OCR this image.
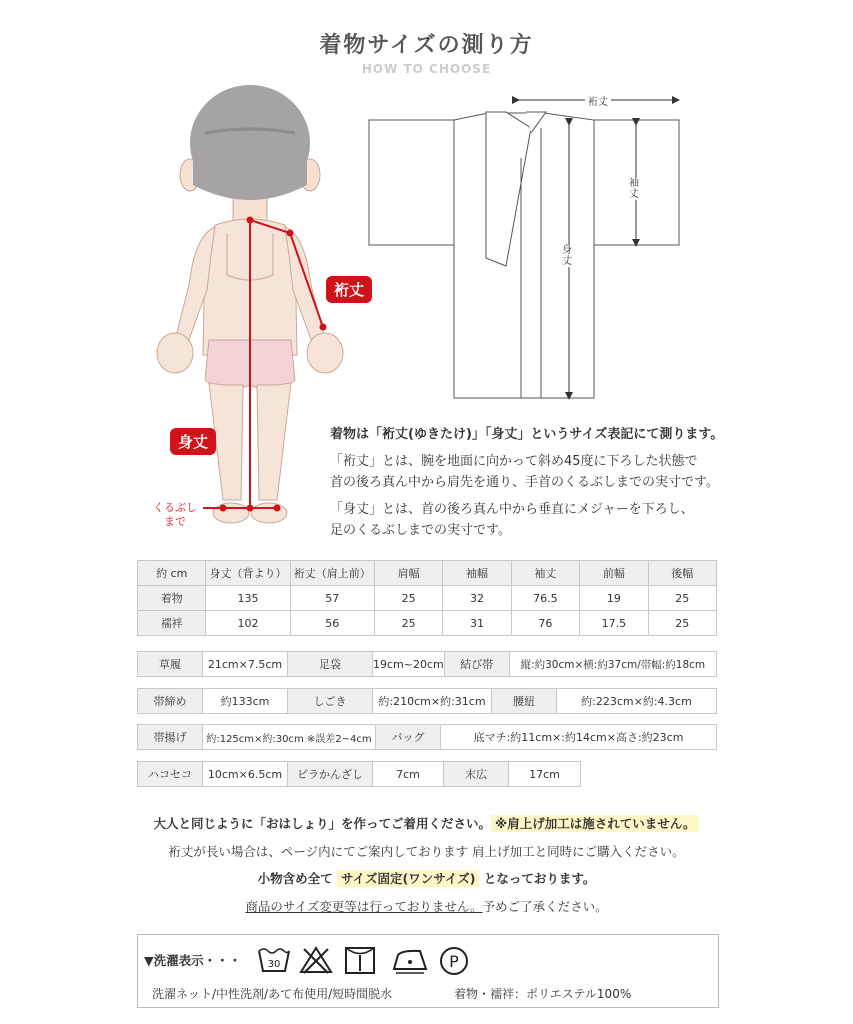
着物サイズの測り方
HOW TO CHOOSE
裄丈
身丈
くるぶし
まで
裄丈
袖
丈
身
丈
着物は「裄丈(ゆきたけ)」「身丈」というサイズ表記にて測ります。
「裄丈」とは、腕を地面に向かって斜め45度に下ろした状態で
首の後ろ真ん中から肩先を通り、手首のくるぶしまでの実寸です。
「身丈」とは、首の後ろ真ん中から垂直にメジャーを下ろし、
足のくるぶしまでの実寸です。
約 cm	身丈（背より）	裄丈（肩上前）	肩幅	袖幅	袖丈	前幅	後幅
着物	135	57	25	32	76.5	19	25
襦袢	102	56	25	31	76	17.5	25
草履	21cm×7.5cm	足袋	19cm~20cm	結び帯	縦:約30cm×横:約37cm/帯幅:約18cm
帯締め	約133cm	しごき	約:210cm×約:31cm	腰紐	約:223cm×約:4.3cm
帯揚げ	約:125cm×約:30cm ※誤差2~4cm	バッグ	底マチ:約11cm×:約14cm×高さ:約23cm
ハコセコ	10cm×6.5cm	ピラかんざし	7cm	末広	17cm
大人と同じように「おはしょり」を作ってご着用ください。 ※肩上げ加工は施されていません。
裄丈が長い場合は、ページ内にてご案内しております 肩上げ加工と同時にご購入ください。
小物含め全て サイズ固定(ワンサイズ) となっております。
商品のサイズ変更等は行っておりません。予めご了承ください。
▼洗濯表示・・・	30	P
洗濯ネット/中性洗剤/あて布使用/短時間脱水	着物・襦袢：ポリエステル100%
